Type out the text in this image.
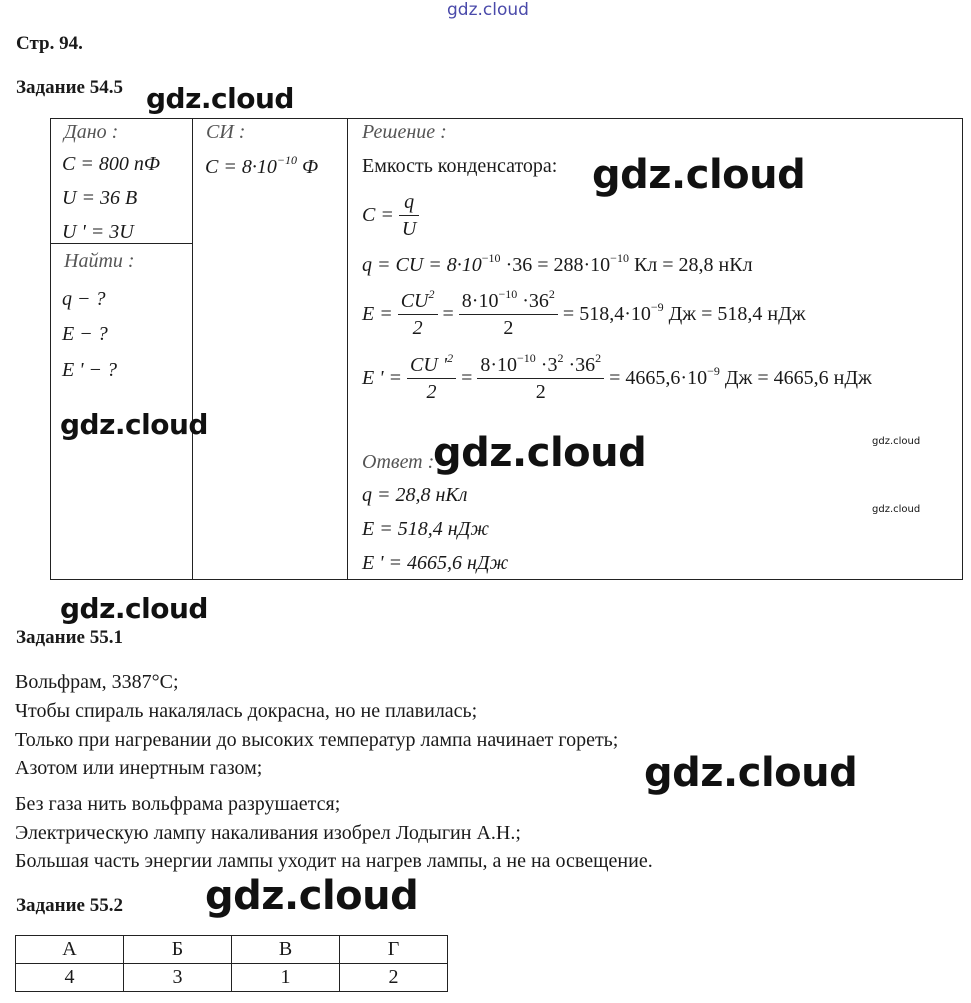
gdz.cloud
Стр. 94.
Задание 54.5 gdz.cloud
Дано :
C = 800 пФ
U = 36 В
U ' = 3U
Найти :
q − ?
E − ?
E ' − ?
gdz.cloud
СИ :
$C = 8\cdot 10^{-10}$ Ф
Решение :
Емкость конденсатора: gdz.cloud
$C = \frac{q}{U}$
q = CU = $8\cdot 10^{-10} \cdot 36 = 288\cdot 10^{-10}$ Кл = 28,8 нКл
$E = \frac{CU^2}{2} = \frac{8\cdot 10^{-10} \cdot 36^2}{2} = 518,4\cdot 10^{-9}$ Дж = 518,4 нДж
E ' = $\frac{CU '^2}{2} = \frac{8\cdot 10^{-10} \cdot 3^2 \cdot 36^2}{2} = 4665,6\cdot 10^{-9}$ Дж = 4665,6 нДж
gdz.cloud
Ответ :
gdz.cloud
q = 28,8 нКл
gdz.cloud
E = 518,4 нДж
E ' = 4665,6 нДж
gdz.cloud
Задание 55.1
Вольфрам, 3387°С;
Чтобы спираль накалялась докрасна, но не плавилась;
Только при нагревании до высоких температур лампа начинает гореть;
Азотом или инертным газом;	gdz.cloud
Без газа нить вольфрама разрушается;
Электрическую лампу накаливания изобрел Лодыгин А.Н.;
Большая часть энергии лампы уходит на нагрев лампы, а не на освещение.
Задание 55.2 gdz.cloud
А	Б	В	Г
4	3	1	2
